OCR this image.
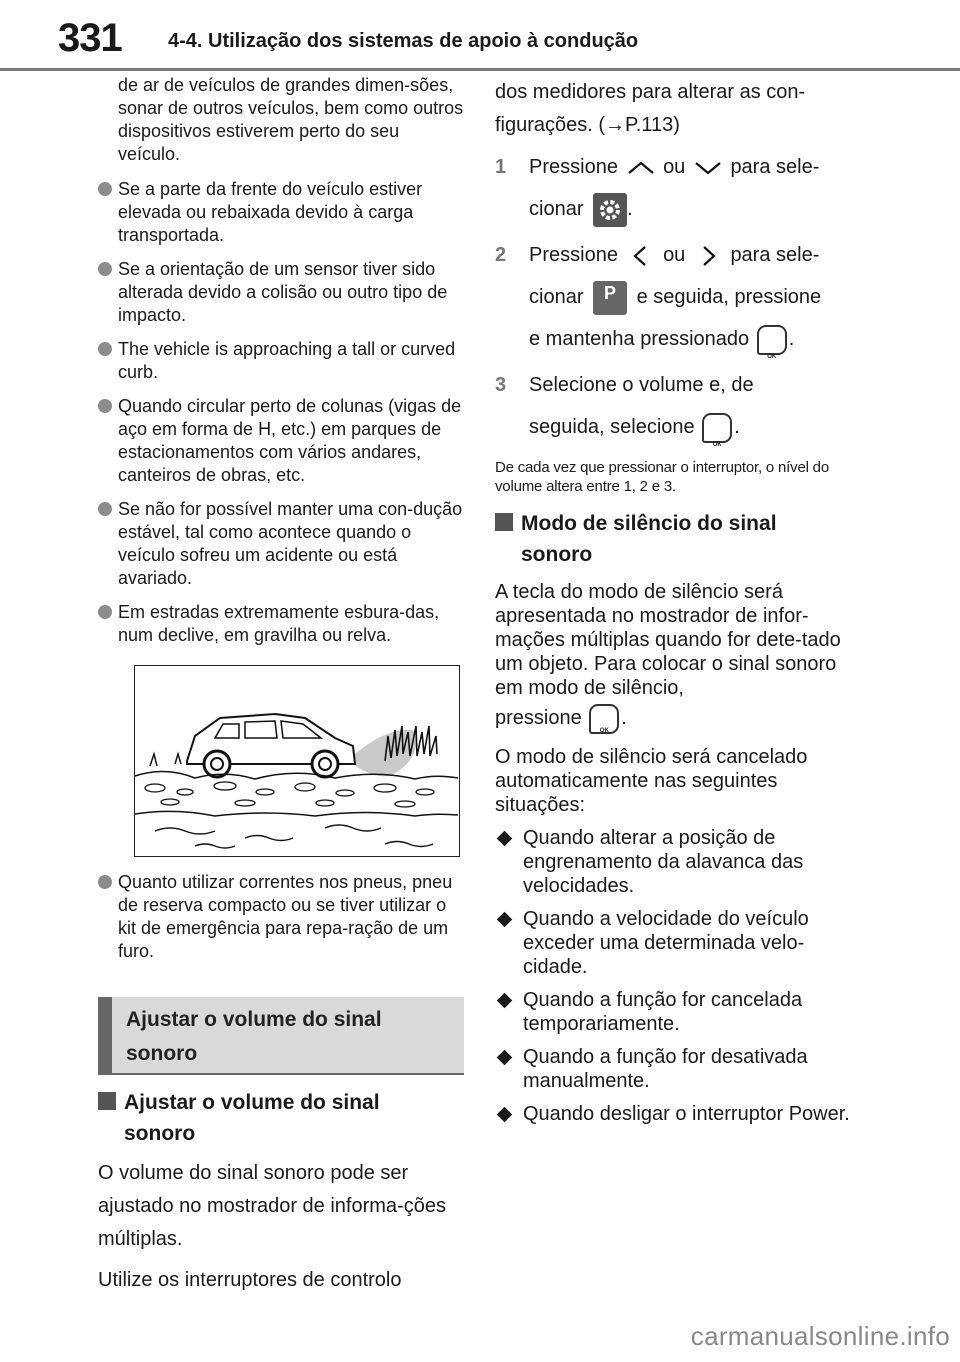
331 4-4. Utilização dos sistemas de apoio à condução
de ar de veículos de grandes dimen-sões, sonar de outros veículos, bem como outros dispositivos estiverem perto do seu veículo.
Se a parte da frente do veículo estiver elevada ou rebaixada devido à carga transportada.
Se a orientação de um sensor tiver sido alterada devido a colisão ou outro tipo de impacto.
The vehicle is approaching a tall or curved curb.
Quando circular perto de colunas (vigas de aço em forma de H, etc.) em parques de estacionamentos com vários andares, canteiros de obras, etc.
Se não for possível manter uma con-dução estável, tal como acontece quando o veículo sofreu um acidente ou está avariado.
Em estradas extremamente esbura-das, num declive, em gravilha ou relva.
Quanto utilizar correntes nos pneus, pneu de reserva compacto ou se tiver utilizar o kit de emergência para repa-ração de um furo.
Ajustar o volume do sinal
sonoro
Ajustar o volume do sinal
sonoro
O volume do sinal sonoro pode ser ajustado no mostrador de informa-ções múltiplas.
Utilize os interruptores de controlo
dos medidores para alterar as con-figurações. (→P.113)
1 Pressione ou para sele-
cionar .
2 Pressione ou para sele-
cionar P e seguida, pressione
e mantenha pressionado
OK
.
3 Selecione o volume e, de
seguida, selecione
OK
.
De cada vez que pressionar o interruptor, o nível do volume altera entre 1, 2 e 3.
Modo de silêncio do sinal
sonoro
A tecla do modo de silêncio será apresentada no mostrador de infor-mações múltiplas quando for dete-tado um objeto. Para colocar o sinal sonoro em modo de silêncio,
pressione
OK
.
O modo de silêncio será cancelado automaticamente nas seguintes situações:
Quando alterar a posição de engrenamento da alavanca das velocidades.
Quando a velocidade do veículo exceder uma determinada velo-cidade.
Quando a função for cancelada temporariamente.
Quando a função for desativada manualmente.
Quando desligar o interruptor Power.
carmanualsonline.info
